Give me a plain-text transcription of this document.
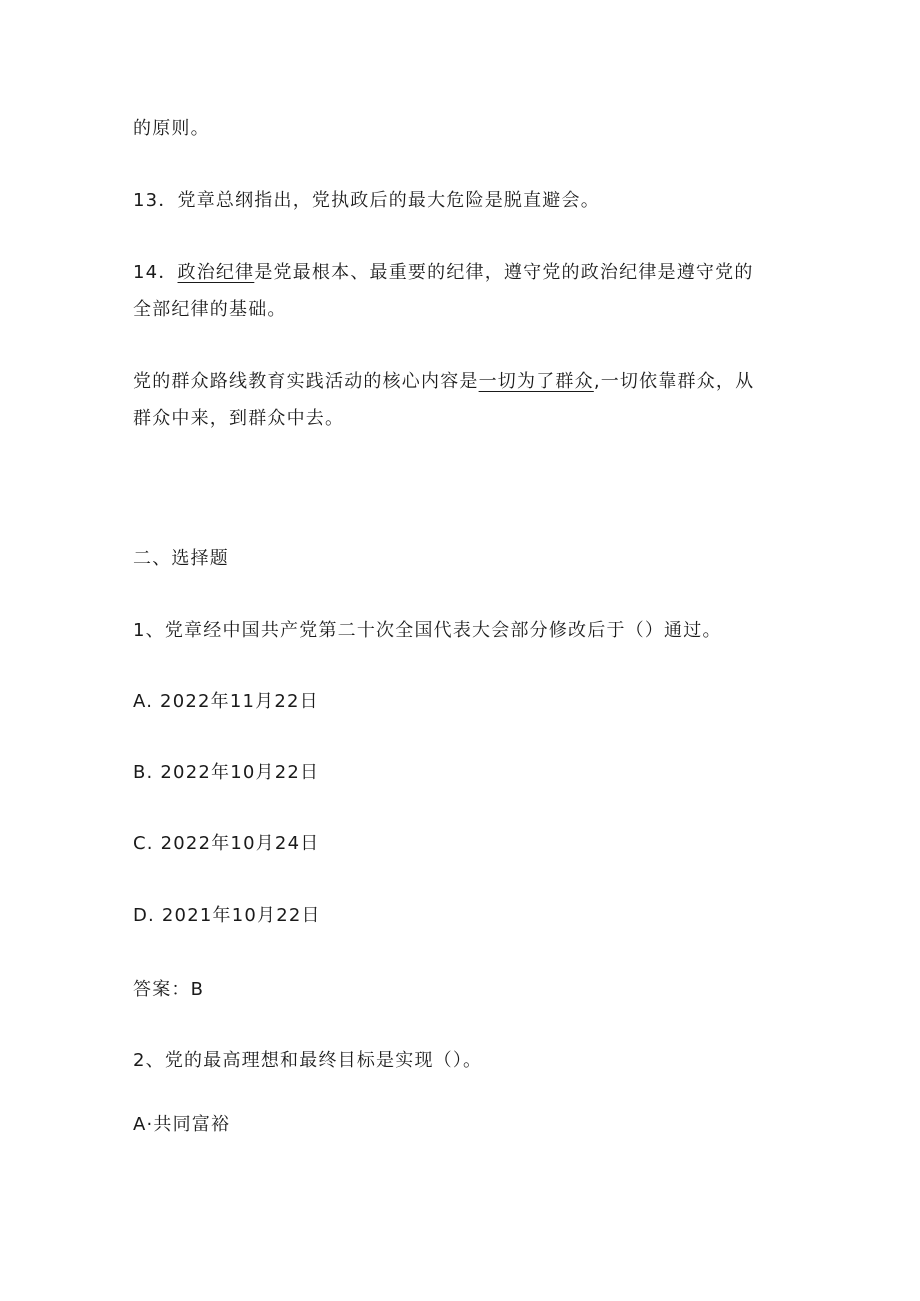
的原则。
13．党章总纲指出，党执政后的最大危险是脱直避会。
14．政治纪律是党最根本、最重要的纪律，遵守党的政治纪律是遵守党的
全部纪律的基础。
党的群众路线教育实践活动的核心内容是一切为了群众,一切依靠群众，从
群众中来，到群众中去。
二、选择题
1、党章经中国共产党第二十次全国代表大会部分修改后于（）通过。
A. 2022年11月22日
B. 2022年10月22日
C. 2022年10月24日
D. 2021年10月22日
答案：B
2、党的最高理想和最终目标是实现（）。
A·共同富裕
